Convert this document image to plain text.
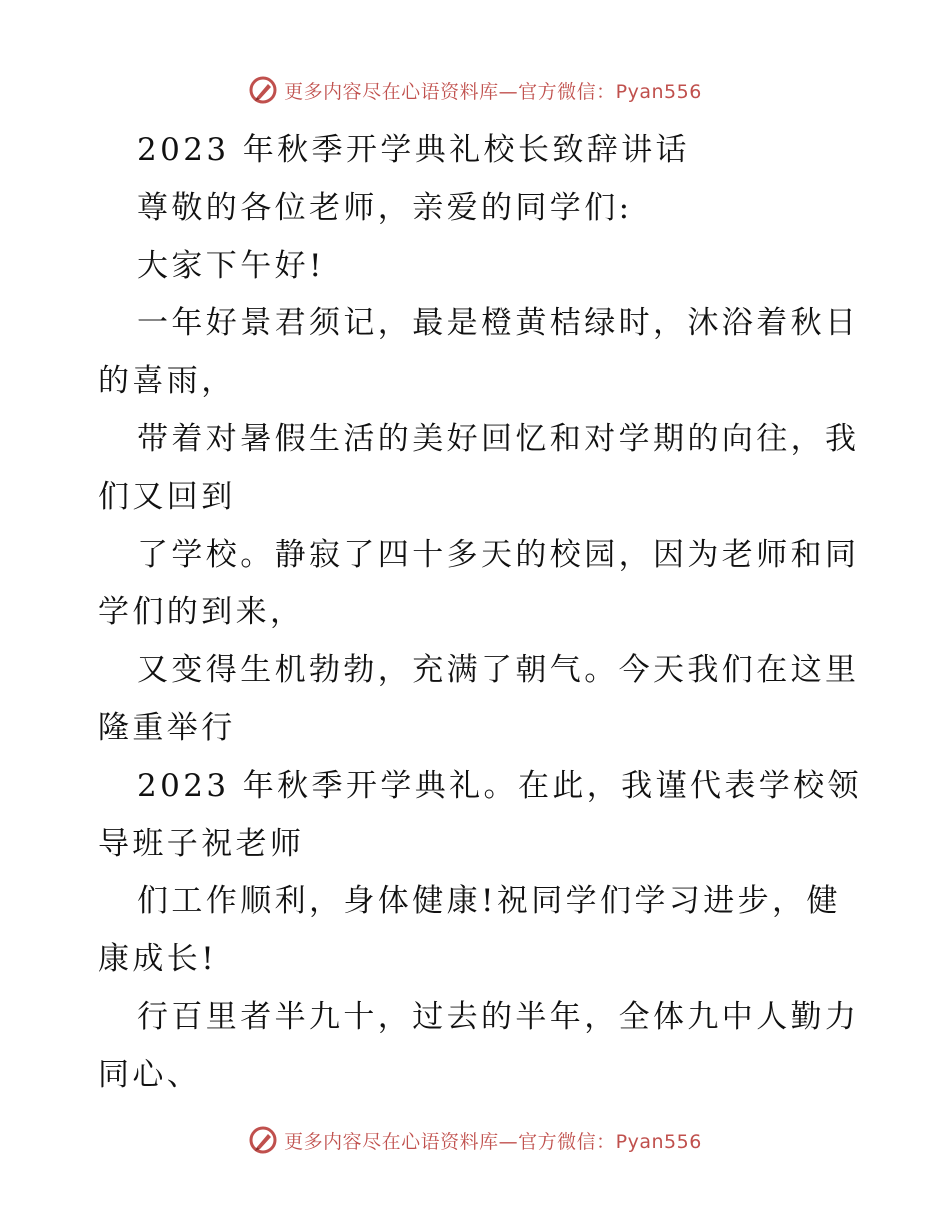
更多内容尽在心语资料库—官方微信：Pyan556
2023 年秋季开学典礼校长致辞讲话
尊敬的各位老师，亲爱的同学们:
大家下午好!
一年好景君须记，最是橙黄桔绿时，沐浴着秋日
的喜雨，
带着对暑假生活的美好回忆和对学期的向往，我
们又回到
了学校。静寂了四十多天的校园，因为老师和同
学们的到来，
又变得生机勃勃，充满了朝气。今天我们在这里
隆重举行
2023 年秋季开学典礼。在此，我谨代表学校领
导班子祝老师
们工作顺利，身体健康!祝同学们学习进步，健
康成长!
行百里者半九十，过去的半年，全体九中人勤力
同心、
更多内容尽在心语资料库—官方微信：Pyan556
